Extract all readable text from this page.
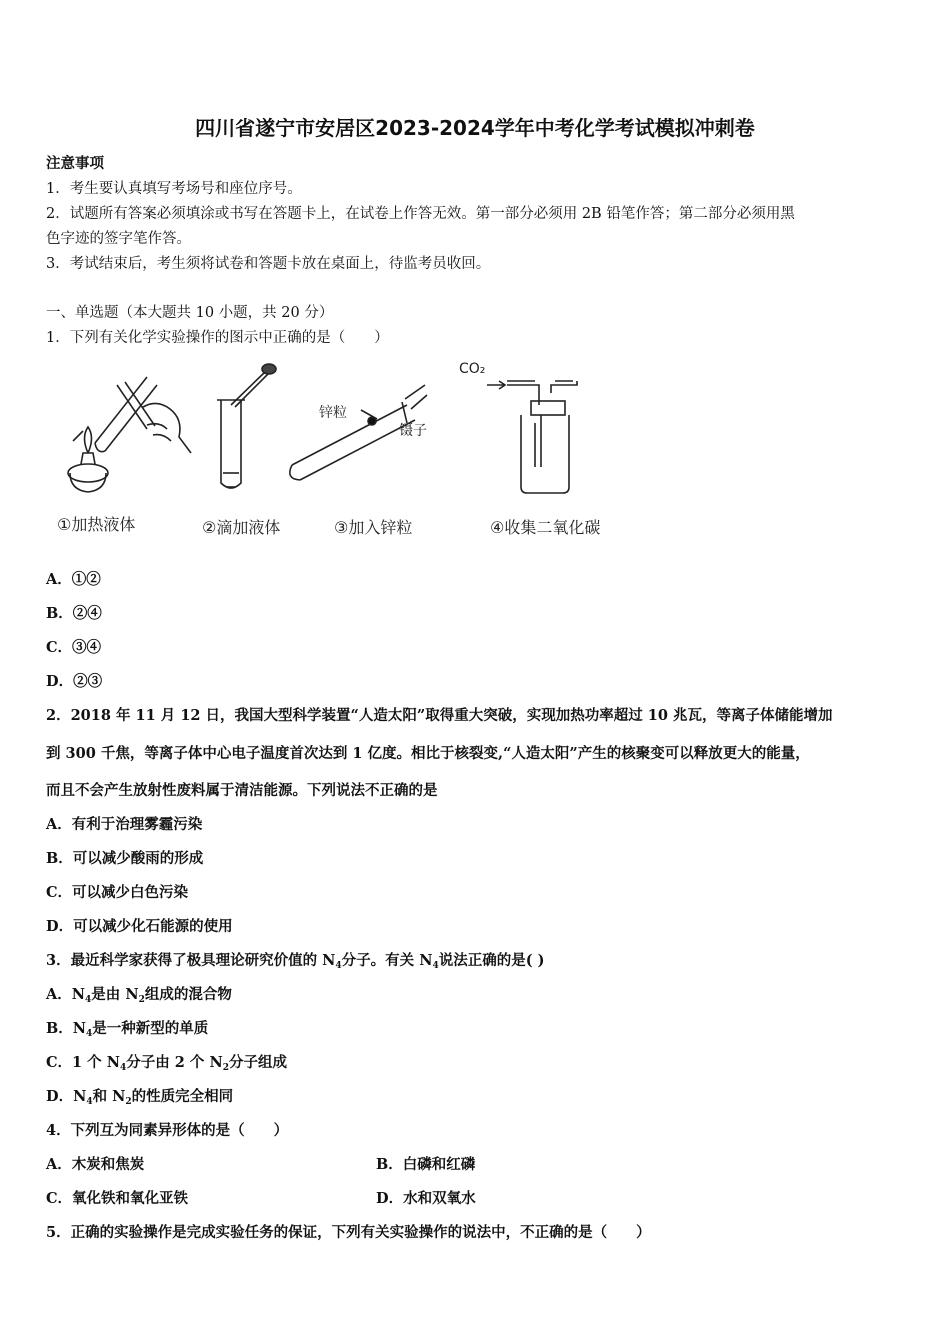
四川省遂宁市安居区2023-2024学年中考化学考试模拟冲刺卷
注意事项
1．考生要认真填写考场号和座位序号。
2．试题所有答案必须填涂或书写在答题卡上，在试卷上作答无效。第一部分必须用 2B 铅笔作答；第二部分必须用黑
色字迹的签字笔作答。
3．考试结束后，考生须将试卷和答题卡放在桌面上，待监考员收回。
一、单选题（本大题共 10 小题，共 20 分）
1．下列有关化学实验操作的图示中正确的是（　　）
CO₂
锌粒
镊子
①加热液体	②滴加液体	③加入锌粒	④收集二氧化碳
A．①②
B．②④
C．③④
D．②③
2．2018 年 11 月 12 日，我国大型科学装置“人造太阳”取得重大突破，实现加热功率超过 10 兆瓦，等离子体储能增加
到 300 千焦，等离子体中心电子温度首次达到 1 亿度。相比于核裂变,“人造太阳”产生的核聚变可以释放更大的能量，
而且不会产生放射性废料属于清洁能源。下列说法不正确的是
A．有利于治理雾霾污染
B．可以减少酸雨的形成
C．可以减少白色污染
D．可以减少化石能源的使用
3．最近科学家获得了极具理论研究价值的 $N_4$分子。有关 $N_4$说法正确的是( )
A．$N_4$是由 $N_2$组成的混合物
B．$N_4$是一种新型的单质
C．1 个 $N_4$分子由 2 个 $N_2$分子组成
D．$N_4$和 $N_2$的性质完全相同
4．下列互为同素异形体的是（　　）
A．木炭和焦炭	B．白磷和红磷
C．氧化铁和氧化亚铁	D．水和双氧水
5．正确的实验操作是完成实验任务的保证，下列有关实验操作的说法中，不正确的是（　　）
